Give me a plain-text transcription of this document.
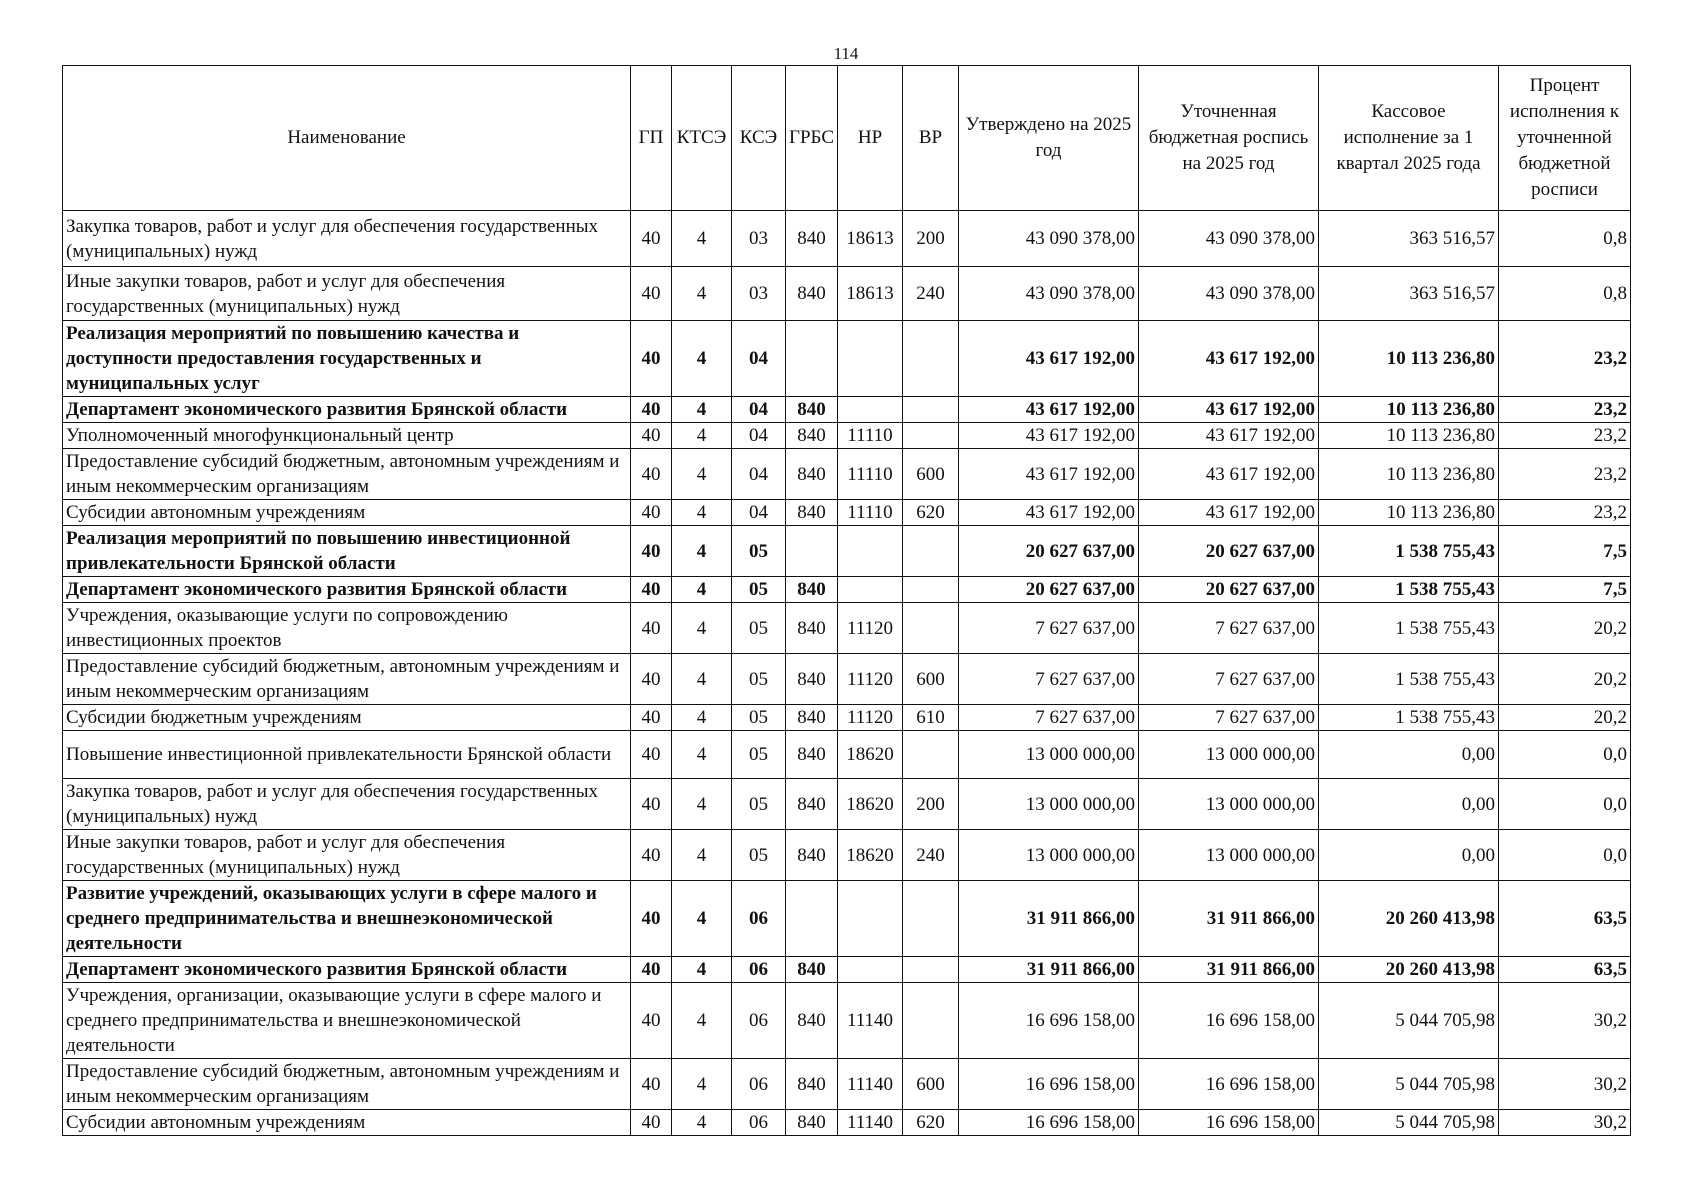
114
Наименование	ГП	КТСЭ	КСЭ	ГРБС	НР	ВР	Утверждено на 2025 год	Уточненная бюджетная роспись на 2025 год	Кассовое исполнение за 1 квартал 2025 года	Процент исполнения к уточненной бюджетной росписи
Закупка товаров, работ и услуг для обеспечения государственных (муниципальных) нужд	40	4	03	840	18613	200	43 090 378,00	43 090 378,00	363 516,57	0,8
Иные закупки товаров, работ и услуг для обеспечения государственных (муниципальных) нужд	40	4	03	840	18613	240	43 090 378,00	43 090 378,00	363 516,57	0,8
Реализация мероприятий по повышению качества и доступности предоставления государственных и муниципальных услуг	40	4	04				43 617 192,00	43 617 192,00	10 113 236,80	23,2
Департамент экономического развития Брянской области	40	4	04	840			43 617 192,00	43 617 192,00	10 113 236,80	23,2
Уполномоченный многофункциональный центр	40	4	04	840	11110		43 617 192,00	43 617 192,00	10 113 236,80	23,2
Предоставление субсидий бюджетным, автономным учреждениям и иным некоммерческим организациям	40	4	04	840	11110	600	43 617 192,00	43 617 192,00	10 113 236,80	23,2
Субсидии автономным учреждениям	40	4	04	840	11110	620	43 617 192,00	43 617 192,00	10 113 236,80	23,2
Реализация мероприятий по повышению инвестиционной привлекательности Брянской области	40	4	05				20 627 637,00	20 627 637,00	1 538 755,43	7,5
Департамент экономического развития Брянской области	40	4	05	840			20 627 637,00	20 627 637,00	1 538 755,43	7,5
Учреждения, оказывающие услуги по сопровождению инвестиционных проектов	40	4	05	840	11120		7 627 637,00	7 627 637,00	1 538 755,43	20,2
Предоставление субсидий бюджетным, автономным учреждениям и иным некоммерческим организациям	40	4	05	840	11120	600	7 627 637,00	7 627 637,00	1 538 755,43	20,2
Субсидии бюджетным учреждениям	40	4	05	840	11120	610	7 627 637,00	7 627 637,00	1 538 755,43	20,2
Повышение инвестиционной привлекательности Брянской области	40	4	05	840	18620		13 000 000,00	13 000 000,00	0,00	0,0
Закупка товаров, работ и услуг для обеспечения государственных (муниципальных) нужд	40	4	05	840	18620	200	13 000 000,00	13 000 000,00	0,00	0,0
Иные закупки товаров, работ и услуг для обеспечения государственных (муниципальных) нужд	40	4	05	840	18620	240	13 000 000,00	13 000 000,00	0,00	0,0
Развитие учреждений, оказывающих услуги в сфере малого и среднего предпринимательства и внешнеэкономической деятельности	40	4	06				31 911 866,00	31 911 866,00	20 260 413,98	63,5
Департамент экономического развития Брянской области	40	4	06	840			31 911 866,00	31 911 866,00	20 260 413,98	63,5
Учреждения, организации, оказывающие услуги в сфере малого и среднего предпринимательства и внешнеэкономической деятельности	40	4	06	840	11140		16 696 158,00	16 696 158,00	5 044 705,98	30,2
Предоставление субсидий бюджетным, автономным учреждениям и иным некоммерческим организациям	40	4	06	840	11140	600	16 696 158,00	16 696 158,00	5 044 705,98	30,2
Субсидии автономным учреждениям	40	4	06	840	11140	620	16 696 158,00	16 696 158,00	5 044 705,98	30,2
